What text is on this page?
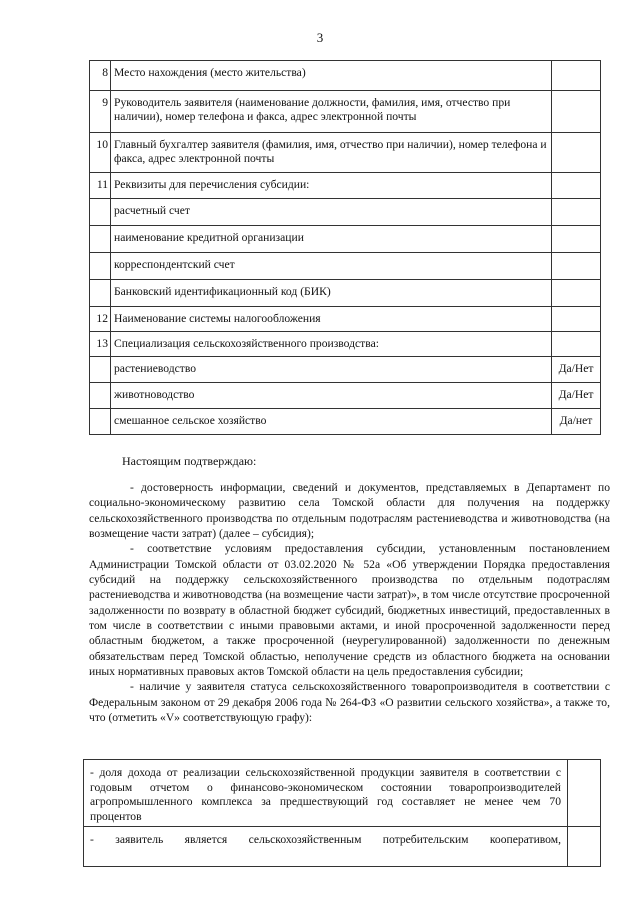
3
8	Место нахождения (место жительства)	
9	Руководитель заявителя (наименование должности, фамилия, имя, отчество при наличии), номер телефона и факса, адрес электронной почты	
10	Главный бухгалтер заявителя (фамилия, имя, отчество при наличии), номер телефона и факса, адрес электронной почты	
11	Реквизиты для перечисления субсидии:	
	расчетный счет	
	наименование кредитной организации	
	корреспондентский счет	
	Банковский идентификационный код (БИК)	
12	Наименование системы налогообложения	
13	Специализация сельскохозяйственного производства:	
	растениеводство	Да/Нет
	животноводство	Да/Нет
	смешанное сельское хозяйство	Да/нет
Настоящим подтверждаю:

- достоверность информации, сведений и документов, представляемых в Департамент по социально-экономическому развитию села Томской области для получения на поддержку сельскохозяйственного производства по отдельным подотраслям растениеводства и животноводства (на возмещение части затрат) (далее – субсидия);

- соответствие условиям предоставления субсидии, установленным постановлением Администрации Томской области от 03.02.2020 № 52а «Об утверждении Порядка предоставления субсидий на поддержку сельскохозяйственного производства по отдельным подотраслям растениеводства и животноводства (на возмещение части затрат)», в том числе отсутствие просроченной задолженности по возврату в областной бюджет субсидий, бюджетных инвестиций, предоставленных в том числе в соответствии с иными правовыми актами, и иной просроченной задолженности перед областным бюджетом, а также просроченной (неурегулированной) задолженности по денежным обязательствам перед Томской областью, неполучение средств из областного бюджета на основании иных нормативных правовых актов Томской области на цель предоставления субсидии;

- наличие у заявителя статуса сельскохозяйственного товаропроизводителя в соответствии с Федеральным законом от 29 декабря 2006 года № 264-ФЗ «О развитии сельского хозяйства», а также то, что (отметить «V» соответствующую графу):

- доля дохода от реализации сельскохозяйственной продукции заявителя в соответствии с годовым отчетом о финансово-экономическом состоянии товаропроизводителей агропромышленного комплекса за предшествующий год составляет не менее чем 70 процентов	
- заявитель является сельскохозяйственным потребительским кооперативом,	
